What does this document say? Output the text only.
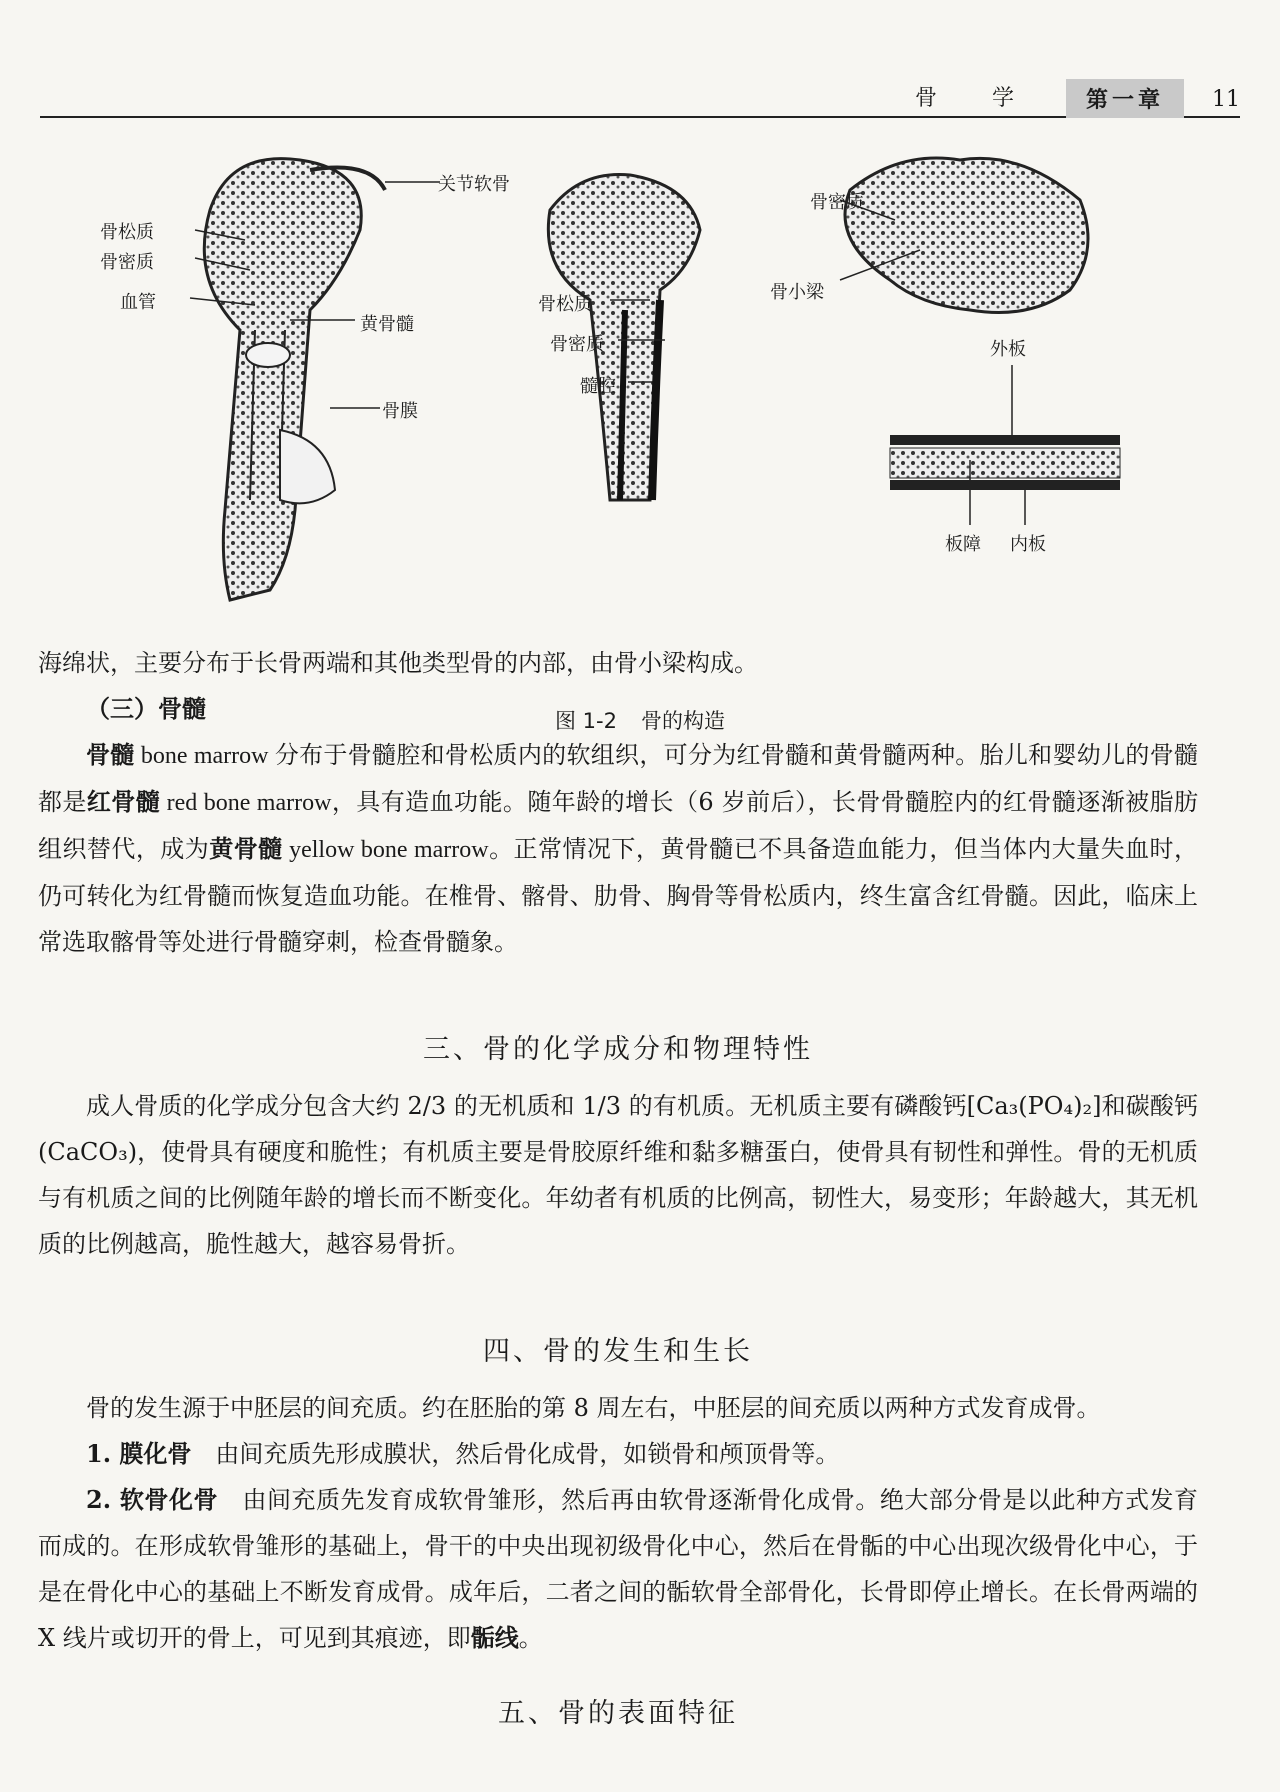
骨 学	第一章	11
关节软骨
骨松质
骨密质
血管
黄骨髓
骨膜
骨松质
骨密质
髓腔
骨密质
骨小梁
外板
板障 内板
图 1-2 骨的构造

海绵状，主要分布于长骨两端和其他类型骨的内部，由骨小梁构成。

（三）骨髓

骨髓 bone marrow 分布于骨髓腔和骨松质内的软组织，可分为红骨髓和黄骨髓两种。胎儿和婴幼儿的骨髓都是红骨髓 red bone marrow，具有造血功能。随年龄的增长（6 岁前后），长骨骨髓腔内的红骨髓逐渐被脂肪组织替代，成为黄骨髓 yellow bone marrow。正常情况下，黄骨髓已不具备造血能力，但当体内大量失血时，仍可转化为红骨髓而恢复造血功能。在椎骨、髂骨、肋骨、胸骨等骨松质内，终生富含红骨髓。因此，临床上常选取髂骨等处进行骨髓穿刺，检查骨髓象。

三、骨的化学成分和物理特性

成人骨质的化学成分包含大约 2/3 的无机质和 1/3 的有机质。无机质主要有磷酸钙[Ca₃(PO₄)₂]和碳酸钙(CaCO₃)，使骨具有硬度和脆性；有机质主要是骨胶原纤维和黏多糖蛋白，使骨具有韧性和弹性。骨的无机质与有机质之间的比例随年龄的增长而不断变化。年幼者有机质的比例高，韧性大，易变形；年龄越大，其无机质的比例越高，脆性越大，越容易骨折。

四、骨的发生和生长

骨的发生源于中胚层的间充质。约在胚胎的第 8 周左右，中胚层的间充质以两种方式发育成骨。

1. 膜化骨　 由间充质先形成膜状，然后骨化成骨，如锁骨和颅顶骨等。

2. 软骨化骨　 由间充质先发育成软骨雏形，然后再由软骨逐渐骨化成骨。绝大部分骨是以此种方式发育而成的。在形成软骨雏形的基础上，骨干的中央出现初级骨化中心，然后在骨骺的中心出现次级骨化中心，于是在骨化中心的基础上不断发育成骨。成年后，二者之间的骺软骨全部骨化，长骨即停止增长。在长骨两端的 X 线片或切开的骨上，可见到其痕迹，即骺线。

五、骨的表面特征
